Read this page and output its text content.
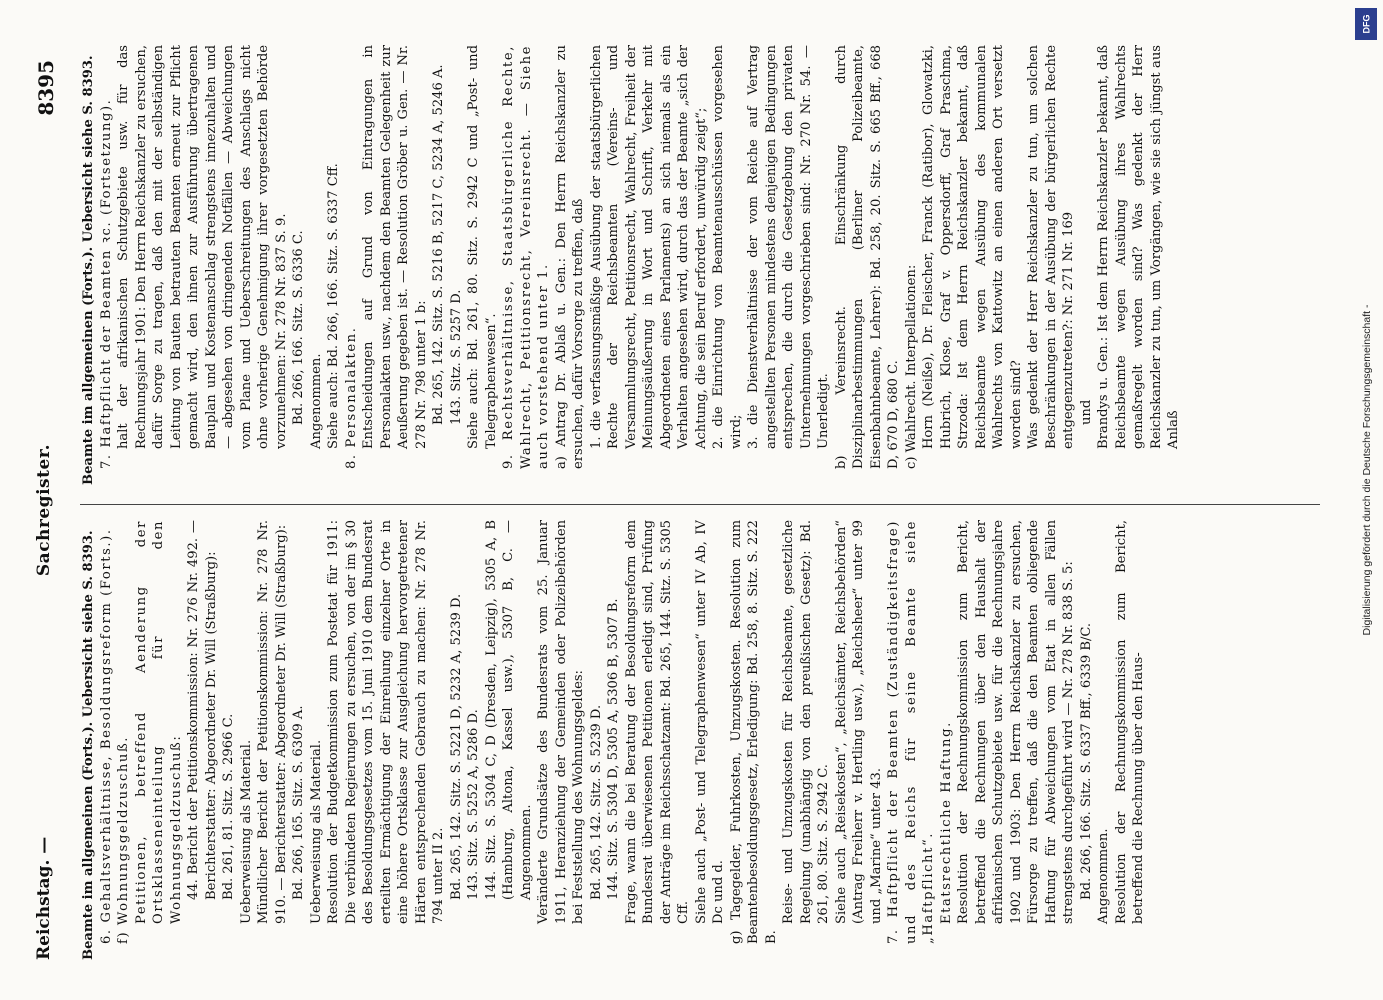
Reichstag. —
Sachregister.
8395

Beamte im allgemeinen (Forts.). Uebersicht siehe S. 8393. 6. Gehaltsverhältnisse, Besoldungsreform (Forts.). f) Wohnungsgeldzuschuß. Petitionen, betreffend Aenderung der Ortsklasseneinteilung für den Wohnungsgeldzuschuß: 44. Bericht der Petitionskommission: Nr. 276 Nr. 492. — Berichterstatter: Abgeordneter Dr. Will (Straßburg): Bd. 261, 81. Sitz. S. 2966 C. Ueberweisung als Material. Mündlicher Bericht der Petitionskommission: Nr. 278 Nr. 910. — Berichterstatter: Abgeordneter Dr. Will (Straßburg): Bd. 266, 165. Sitz. S. 6309 A. Ueberweisung als Material. Resolution der Budgetkommission zum Postetat für 1911: Die verbündeten Regierungen zu ersuchen, von der im § 30 des Besoldungsgesetzes vom 15. Juni 1910 dem Bundesrat erteilten Ermächtigung der Einreihung einzelner Orte in eine höhere Ortsklasse zur Ausgleichung hervorgetretener Härten entsprechenden Gebrauch zu machen: Nr. 278 Nr. 794 unter II 2. Bd. 265, 142. Sitz. S. 5221 D, 5232 A, 5239 D. 143. Sitz. S. 5252 A, 5286 D. 144. Sitz. S. 5304 C, D (Dresden, Leipzig), 5305 A, B (Hamburg, Altona, Kassel usw.), 5307 B, C. — Angenommen. Veränderte Grundsätze des Bundesrats vom 25. Januar 1911, Heranziehung der Gemeinden oder Polizeibehörden bei Feststellung des Wohnungsgeldes: Bd. 265, 142. Sitz. S. 5239 D. 144. Sitz. S. 5304 D, 5305 A, 5306 B, 5307 B. Frage, wann die bei Beratung der Besoldungsreform dem Bundesrat überwiesenen Petitionen erledigt sind, Prüfung der Anträge im Reichsschatzamt: Bd. 265, 144. Sitz. S. 5305 Cff. Siehe auch „Post- und Telegraphenwesen“ unter IV Ab, IV Dc und d. g) Tagegelder, Fuhrkosten, Umzugskosten. Resolution zum Beamtenbesoldungsgesetz, Erledigung: Bd. 258, 8. Sitz. S. 222 B.

Reise- und Umzugskosten für Reichsbeamte, gesetzliche Regelung (unabhängig von den preußischen Gesetz): Bd. 261, 80. Sitz. S. 2942 C. Siehe auch „Reisekosten“, „Reichsämter, Reichsbehörden“ (Antrag Freiherr v. Hertling usw.), „Reichsheer“ unter 99 und „Marine“ unter 43. 7. Haftpflicht der Beamten (Zuständigkeitsfrage) und des Reichs für seine Beamte siehe „Haftpflicht“. Etatsrechtliche Haftung. Resolution der Rechnungskommission zum Bericht, betreffend die Rechnungen über den Haushalt der afrikanischen Schutzgebiete usw. für die Rechnungsjahre 1902 und 1903: Den Herrn Reichskanzler zu ersuchen, Fürsorge zu treffen, daß die den Beamten obliegende Haftung für Abweichungen vom Etat in allen Fällen strengstens durchgeführt wird — Nr. 278 Nr. 838 S. 5: Bd. 266, 166. Sitz. S. 6337 Bff., 6339 B/C. Angenommen. Resolution der Rechnungskommission zum Bericht, betreffend die Rechnung über den Haus-

Beamte im allgemeinen (Forts.). Uebersicht siehe S. 8393. 7. Haftpflicht der Beamten ꝛc. (Fortsetzung). halt der afrikanischen Schutzgebiete usw. für das Rechnungsjahr 1901: Den Herrn Reichskanzler zu ersuchen, dafür Sorge zu tragen, daß den mit der selbständigen Leitung von Bauten betrauten Beamten erneut zur Pflicht gemacht wird, den ihnen zur Ausführung übertragenen Bauplan und Kostenanschlag strengstens innezuhalten und — abgesehen von dringenden Notfällen — Abweichungen vom Plane und Ueberschreitungen des Anschlags nicht ohne vorherige Genehmigung ihrer vorgesetzten Behörde vorzunehmen: Nr. 278 Nr. 837 S. 9. Bd. 266, 166. Sitz. S. 6336 C. Angenommen. Siehe auch: Bd. 266, 166. Sitz. S. 6337 Cff. 8. Personalakten. Entscheidungen auf Grund von Eintragungen in Personalakten usw., nachdem den Beamten Gelegenheit zur Aeußerung gegeben ist. — Resolution Gröber u. Gen. — Nr. 278 Nr. 798 unter 1 b: Bd. 265, 142. Sitz. S. 5216 B, 5217 C, 5234 A, 5246 A. 143. Sitz. S. 5257 D. Siehe auch: Bd. 261, 80. Sitz. S. 2942 C und „Post- und Telegraphenwesen“. 9. Rechtsverhältnisse, Staatsbürgerliche Rechte, Wahlrecht, Petitionsrecht, Vereinsrecht. — Siehe auch vorstehend unter 1. a) Antrag Dr. Ablaß u. Gen.: Den Herrn Reichskanzler zu ersuchen, dafür Vorsorge zu treffen, daß 1. die verfassungsmäßige Ausübung der staatsbürgerlichen Rechte der Reichsbeamten (Vereins- und Versammlungsrecht, Petitionsrecht, Wahlrecht, Freiheit der Meinungsäußerung in Wort und Schrift, Verkehr mit Abgeordneten eines Parlaments) an sich niemals als ein Verhalten angesehen wird, durch das der Beamte „sich der Achtung, die sein Beruf erfordert, unwürdig zeigt“; 2. die Einrichtung von Beamtenausschüssen vorgesehen wird; 3. die Dienstverhältnisse der vom Reiche auf Vertrag angestellten Personen mindestens denjenigen Bedingungen entsprechen, die durch die Gesetzgebung den privaten Unternehmungen vorgeschrieben sind: Nr. 270 Nr. 54. — Unerledigt. b) Vereinsrecht. Einschränkung durch Disziplinarbestimmungen (Berliner Polizeibeamte, Eisenbahnbeamte, Lehrer): Bd. 258, 20. Sitz. S. 665 Bff., 668 D, 670 D, 680 C. c) Wahlrecht. Interpellationen: Horn (Neiße), Dr. Fleischer, Franck (Ratibor), Glowatzki, Hubrich, Klose, Graf v. Oppersdorff, Graf Praschma, Strzoda: Ist dem Herrn Reichskanzler bekannt, daß Reichsbeamte wegen Ausübung des kommunalen Wahlrechts von Kattowitz an einen anderen Ort versetzt worden sind? Was gedenkt der Herr Reichskanzler zu tun, um solchen Beschränkungen in der Ausübung der bürgerlichen Rechte entgegenzutreten?: Nr. 271 Nr. 169 und Brandys u. Gen.: Ist dem Herrn Reichskanzler bekannt, daß Reichsbeamte wegen Ausübung ihres Wahlrechts gemaßregelt worden sind? Was gedenkt der Herr Reichskanzler zu tun, um Vorgängen, wie sie sich jüngst aus Anlaß

DFG
Digitalisierung gefördert durch die Deutsche Forschungsgemeinschaft -
